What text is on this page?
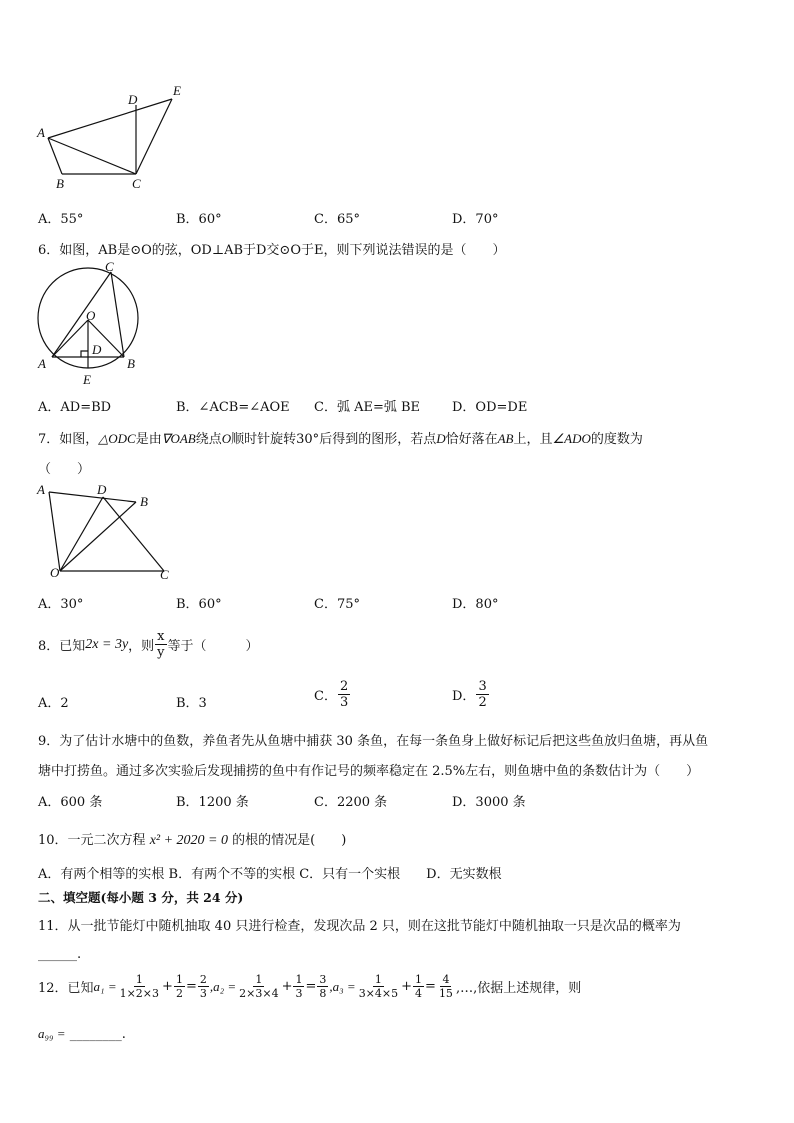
A
B	C
D
E
A．55°	B．60°	C．65°	D．70°
6．如图，AB是⊙O的弦，OD⊥AB于D交⊙O于E，则下列说法错误的是（　　）
A	B
C
O
D
E
A．AD=BD	B．∠ACB=∠AOE C．弧 AE=弧 BE D．OD=DE
7．如图，△ODC是由∇OAB绕点O顺时针旋转30°后得到的图形，若点D恰好落在AB上，且∠ADO的度数为
（　　）
A	D
B
O	C
A．30°	B．60°	C．75°	D．80°
8．已知 2x = 3y ，则 $\frac{x}{y}$ 等于（　　　）
A．2	B．3	C． $\frac{2}{3}$	D． $\frac{3}{2}$
9．为了估计水塘中的鱼数，养鱼者先从鱼塘中捕获 30 条鱼，在每一条鱼身上做好标记后把这些鱼放归鱼塘，再从鱼
塘中打捞鱼。通过多次实验后发现捕捞的鱼中有作记号的频率稳定在 2.5%左右，则鱼塘中鱼的条数估计为（　　）
A．600 条	B．1200 条	C．2200 条	D．3000 条
10．一元二次方程 x² + 2020 = 0 的根的情况是(　　)
A．有两个相等的实根 B．有两个不等的实根 C．只有一个实根　　D．无实数根
二、填空题(每小题 3 分，共 24 分)
11．从一批节能灯中随机抽取 40 只进行检查，发现次品 2 只，则在这批节能灯中随机抽取一只是次品的概率为
______.
12．已知 $a_1 = \frac{1}{1\times 2\times 3} + \frac{1}{2} = \frac{2}{3} ,a_2 = \frac{1}{2\times 3\times 4} + \frac{1}{3} = \frac{3}{8} ,a_3 = \frac{1}{3\times 4\times 5} + \frac{1}{4} = \frac{4}{15}$ ,…,依据上述规律，则
a₉₉ = ________.
